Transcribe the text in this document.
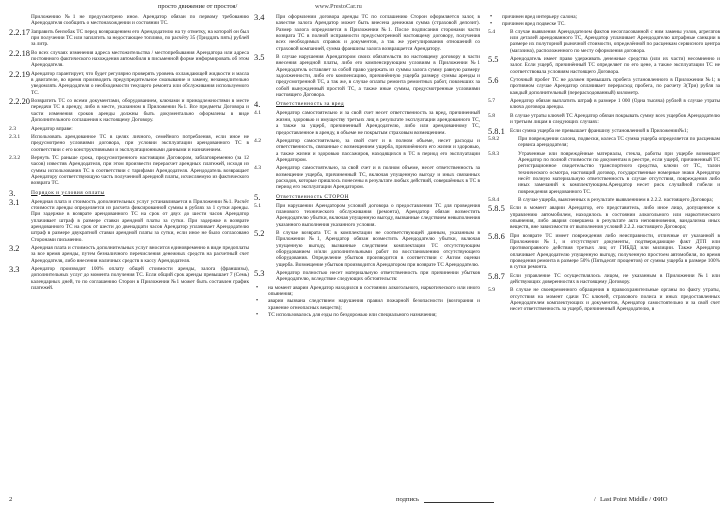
просто движение от простоя/	www.PrestoCar.ru
Приложению №1 не предусмотрено иное. Арендатор обязан по первому требованию Арендодателя сообщить о местонахождении и состоянии ТС.
2.2.17 Заправить бензобак ТС перед возвращением его Арендодателю на ту отметку, на которой он был при получении ТС или заплатить за недостающее топливо, по расчёту 35 (Тридцать пять) рублей за литр.
2.2.18 Во всех случаях изменения адреса местожительства / местопребывания Арендатора или адреса постоянного фактического нахождения автомобиля в письменной форме информировать об этом Арендодателя.
2.2.19 Арендатор гарантирует, что будет регулярно проверять уровень охлаждающей жидкости и масла в двигателе, во время производить предупредительное смазывание и замену, незамедлительно уведомлять Арендодателя о необходимости текущего ремонта или обслуживания используемого ТС.
2.2.20 Возвратить ТС со всеми документами, оборудованием, ключами и принадлежностями в месте передачи ТС в аренду, либо в месте, указанном в Приложении №1. Все предметы Договора и части изменения сроков аренды должны быть документально оформлены в виде Дополнительного соглашения к настоящему Договору.
2.3	Арендатор вправе:
2.3.1 Использовать арендованное ТС в целях личного, семейного потребления, если иное не предусмотрено условиями договора, при условии эксплуатации арендованного ТС в соответствии с его конструктивными и эксплуатационными данными и назначением.
2.3.2 Вернуть ТС раньше срока, предусмотренного настоящим Договором, заблаговременно (за 12 часов) известив Арендодателя, при этом произвести перерасчет арендных платежей, исходя из суммы использования ТС в соответствии с тарифами Арендодателя. Арендодатель возвращает Арендатору соответствующую часть полученной арендной платы, исчисляемую из фактического возврата ТС.
3.	Порядок и условия оплаты
3.1 Арендная плата и стоимость дополнительных услуг устанавливается в Приложении №1. Расчёт стоимости аренды определяется из расчета фиксированной суммы в рублях за 1 сутки аренды. При задержке в возврате арендованного ТС на срок от двух до шести часов Арендатор уплачивает штраф в размере ставки арендной платы за сутки. При задержке в возврате арендованного ТС на срок от шести до двенадцати часов Арендатор уплачивает Арендодателю штраф в размере двукратной ставки арендной платы за сутки, если иное не было согласовано Сторонами письменно.
3.2 Арендная плата и стоимость дополнительных услуг вносится единовременно в виде предоплаты за все время аренды, путем безналичного перечисления денежных средств на расчетный счет Арендодателя, либо внесения наличных средств в кассу Арендодателя.
3.3 Арендатор производит 100% оплату общей стоимости аренды, залога (франшизы), дополнительных услуг до момента получения ТС. Если общий срок аренды превышает 7 (Семь) календарных дней, то по соглашению Сторон в Приложении №1 может быть составлен график платежей.
3.4 При оформлении договора аренды ТС по соглашению Сторон оформляется залог, в качестве залога Арендатор может быть внесена денежная сумма (страховой депозит). Размер залога определяется в Приложении №1. После подписания сторонами части возврата ТС в полной исправности предусмотренной настоящему договору, получения всех необходимых справок и документов, а так же урегулирования отношений со страховой компанией, сумма франшизы залога возвращается Арендатору.
3.5 В случае нарушения Арендатором своих обязательств по настоящему договору в части внесения арендной платы, либо его компенсирующим условиям в Приложении №1 Арендодатель оставляет за собой право удержать из суммы залога сумму равную размеру задолженности, либо его компенсацию, причинённую ущерба размеру суммы аренды и предусмотренной ТС, а так же, в случае оплаты ремонта ремонтных работ, повлекших за собой вынужденный простой ТС, а также иные суммы, предусмотренные условиями настоящего Договора.
4.	Ответственность за вред
4.1	Арендатор самостоятельно и за свой счет несет ответственность за вред, причиненный жизни, здоровью и имуществу третьих лиц в результате эксплуатации арендованного ТС, а также за ущерб, причиненный Арендодателю, либо или арендованному ТС, предоставленное в аренду, в объеме не покрытым страховым возмещением.
4.2	Арендатор самостоятельно, за свой счет и в полном объеме, несет расходы и ответственность, связанные с возмещением ущерба, причинённого его жизни и здоровью, а также жизни и здоровью пассажиров, находящихся в ТС в период его эксплуатации Арендатором.
4.3	Арендатор самостоятельно, за свой счет и в полном объеме, несет ответственность за возмещение ущерба, причиненный ТС, включая упущенную выгоду и иных связанных расходов, которые пришлось понесены в результате любых действий, совершённых в ТС в период его эксплуатации Арендатором.
5.	Ответственность СТОРОН
5.1	При нарушении Арендатором условий договора о предоставлении ТС для проведения планового технического обслуживания (ремонта), Арендатор обязан возместить Арендодателю убытки, включая упущенную выгоду, вызванные следствием невыполнения указанного выполнения указанного условия.
5.2 В случае возврата ТС в комплектации не соответствующей данным, указанным в Приложении №1, Арендатор обязан возместить Арендодателю убытки, включая упущенную выгоду, вызванные следствием комплектации ТС отсутствующим оборудованием и/или дополнительными работ по восстановлению отсутствующего оборудования. Определение убытков производится в соответствии с Актом оценки ущерба. Возмещение убытков производится Арендатором при возврате ТС Арендодателю.
5.3 Арендатор полностью несет материальную ответственность при причинении убытков Арендодателю, вследствие следующих обстоятельств:
• на момент аварии Арендатор находился в состоянии алкогольного, наркотического или иного опьянения;
• аварии вызвана следствием нарушения правил пожарной безопасности (возгорания и хранение огнеопасных веществ);
• ТС использовалось для езды по бездорожью или специального назначения;
• причинен вред интерьеру салона;
• причинен вред подвеске ТС.
5.4	В случае выявления Арендодателем фактов несогласованной с ним замены узлов, агрегатов или деталей арендованного ТС, Арендатор уплачивает Арендодателю штрафные санкции в размере их полуторной рыночной стоимости, определённой по расценкам сервисного центра (магазина), расположенного по месту оформления договора.
5.5 Арендодатель имеет право удерживать денежные средства (или их части) несомненно и залог. Если ущерб, причинённый ТС определяет по его цене, а также эксплуатации ТС не соответствовала условиям настоящего Договора.
5.6 Суточный пробег ТС не должен превышать пробега установленного в Приложении №1; в противном случае Арендатор оплачивает перерасход пробега, по расчету 3(Три) рубля за каждый дополнительный (перерасходованный) километр.
5.7	Арендатор обязан выплатить штраф в размере 1 000 (Одна тысяча) рублей в случае утраты ключа договора аренды.
5.8	В случае утраты ключей ТС Арендатор обязан покрывать сумму всех ущербов Арендодателю и третьим лицам в следующих случаях:
5.8.1 Если сумма ущерба не превышает франшизу установленной в Приложении№1;
5.8.2	При повреждении салона, подвески, колеса ТС сумма ущерба определяется по расценкам сервиса арендодателя;
5.8.3	Утраченные или повреждённые материалы, стекла, работы при ущербе возмещает Арендатор по полной стоимости по документам в реестре, если ущерб, причиненный ТС регистрационное свидетельство транспортного средства, ключи от ТС, талон технического осмотра, настоящий договор, государственные номерные знаки Арендатор несёт полную материальную ответственность в случае отсутствия, повреждения либо иных замечаний к комплектующим.Арендатор несет риск случайной гибели и повреждения арендованного ТС.
5.8.4	В случае ущерба, выясненных в результате выявленнием в 2.2.2. настоящего Договора;
5.8.5 Если в момент аварии Арендатор, его представитель, либо иное лицо, допущенное к управлению автомобилем, находилось в состоянии алкогольного или наркотического опьянения, либо авария совершена в результате акта неповиновения, вандализма иных веществ, вне зависимости от выполнения условий 2.2.2. настоящего Договора;
5.8.6 При возврате ТС имеет повреждения либо неисправности, отличные от указанной в Приложении №1, и отсутствуют документы, подтверждающие факт ДТП или противоправного действия третьих лиц от ГИБДД или милиции. Также Арендатор оплачивает Арендодателю упущенную выгоду, полученную простоем автомобиля, по время проведения ремонта в размере 50% (Пятьдесят процентов) от суммы ущерба в размере 100% в сутки ремонта.
5.8.7 Если управление ТС осуществлялось лицом, не указанным в Приложении №1 или действующих доверенностях в настоящему Договору.
5.9	В случае не своевременного обращения в правоохранительные органы по факту утраты, отсутствия на момент сдачи ТС ключей, страхового полиса и иных предоставленных Арендодателем комплектующих и документов, Арендатор самостоятельно и за свой счет несет ответственность за ущерб, причиненный Арендодателю, в
2	подпись	/ Last Point Middle / ФИО
